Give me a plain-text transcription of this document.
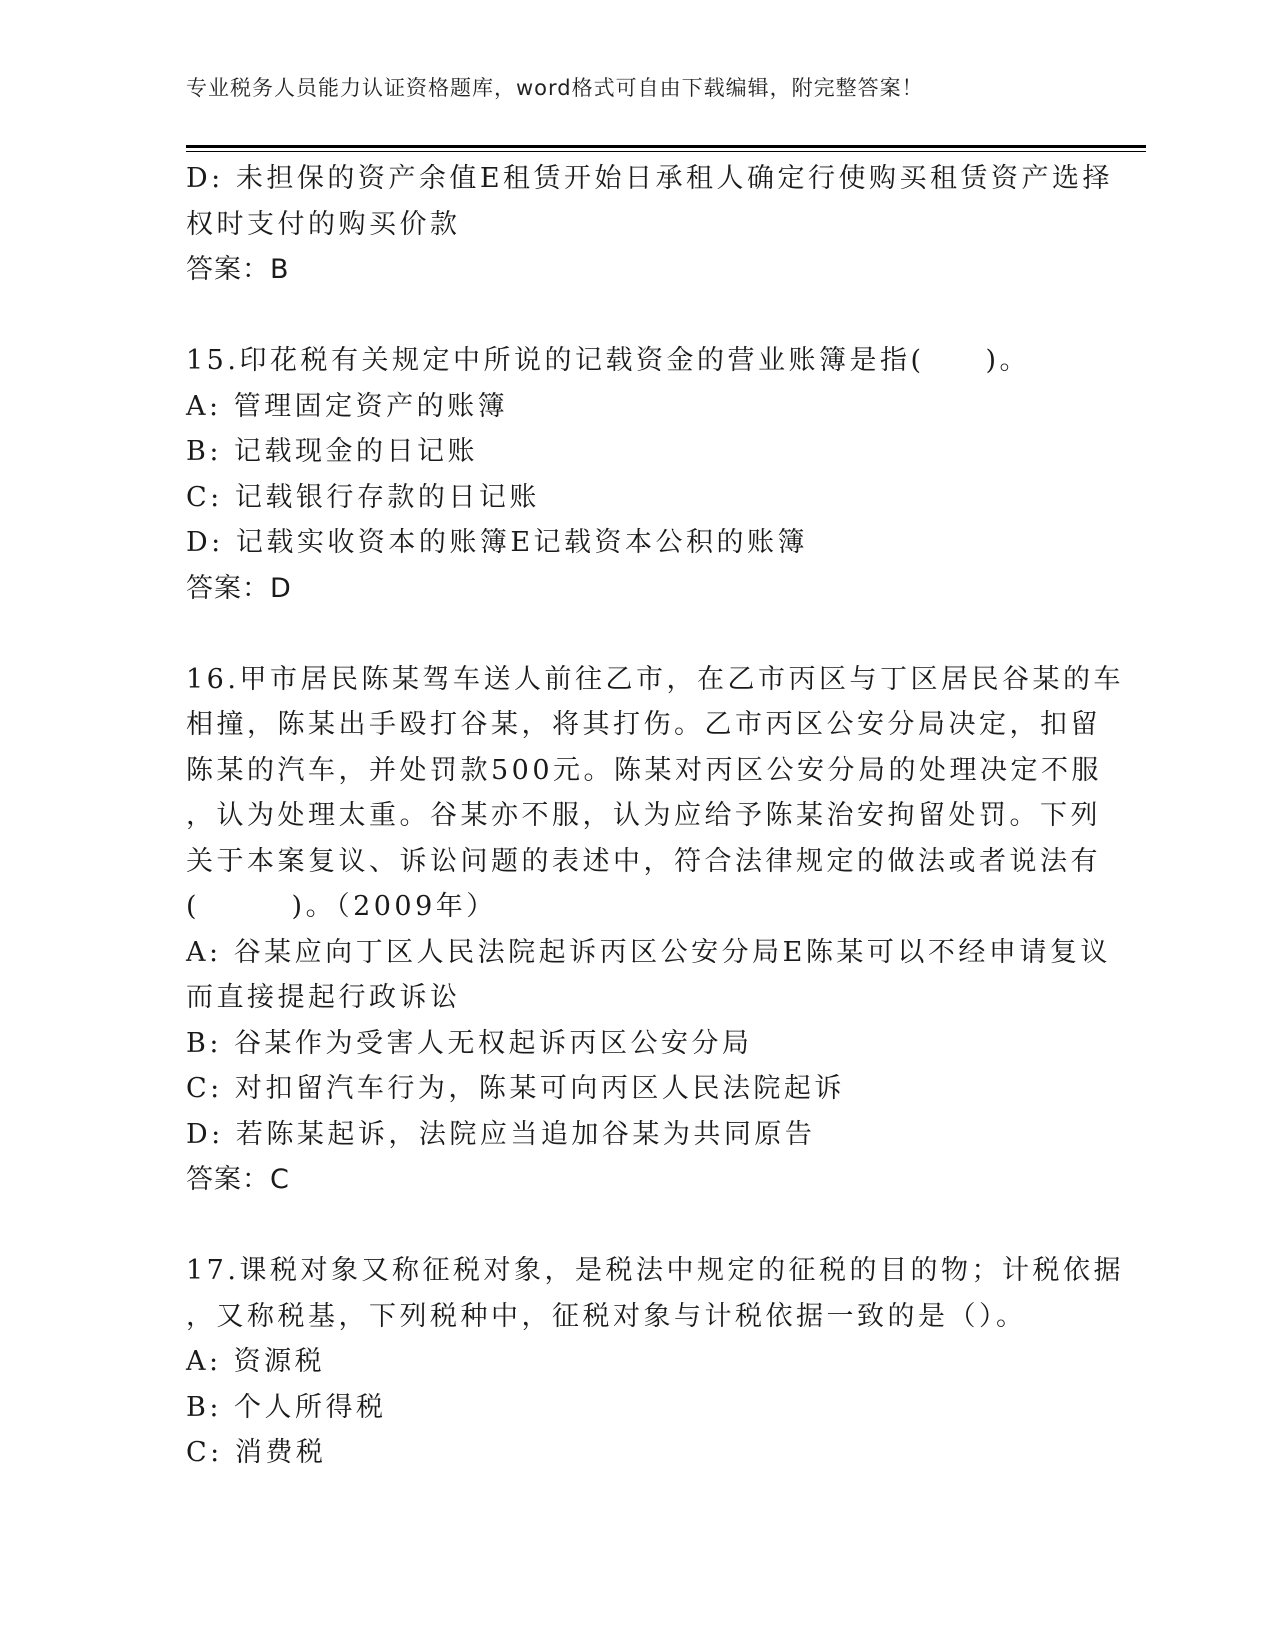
专业税务人员能力认证资格题库，word格式可自由下载编辑，附完整答案！
D: 未担保的资产余值E租赁开始日承租人确定行使购买租赁资产选择
权时支付的购买价款
答案：B
15.印花税有关规定中所说的记载资金的营业账簿是指(　　)。
A: 管理固定资产的账簿
B: 记载现金的日记账
C: 记载银行存款的日记账
D: 记载实收资本的账簿E记载资本公积的账簿
答案：D
16.甲市居民陈某驾车送人前往乙市，在乙市丙区与丁区居民谷某的车
相撞，陈某出手殴打谷某，将其打伤。乙市丙区公安分局决定，扣留
陈某的汽车，并处罚款500元。陈某对丙区公安分局的处理决定不服
，认为处理太重。谷某亦不服，认为应给予陈某治安拘留处罚。下列
关于本案复议、诉讼问题的表述中，符合法律规定的做法或者说法有
(　　　)。（2009年）
A: 谷某应向丁区人民法院起诉丙区公安分局E陈某可以不经申请复议
而直接提起行政诉讼
B: 谷某作为受害人无权起诉丙区公安分局
C: 对扣留汽车行为，陈某可向丙区人民法院起诉
D: 若陈某起诉，法院应当追加谷某为共同原告
答案：C
17.课税对象又称征税对象，是税法中规定的征税的目的物；计税依据
，又称税基，下列税种中，征税对象与计税依据一致的是（）。
A: 资源税
B: 个人所得税
C: 消费税
